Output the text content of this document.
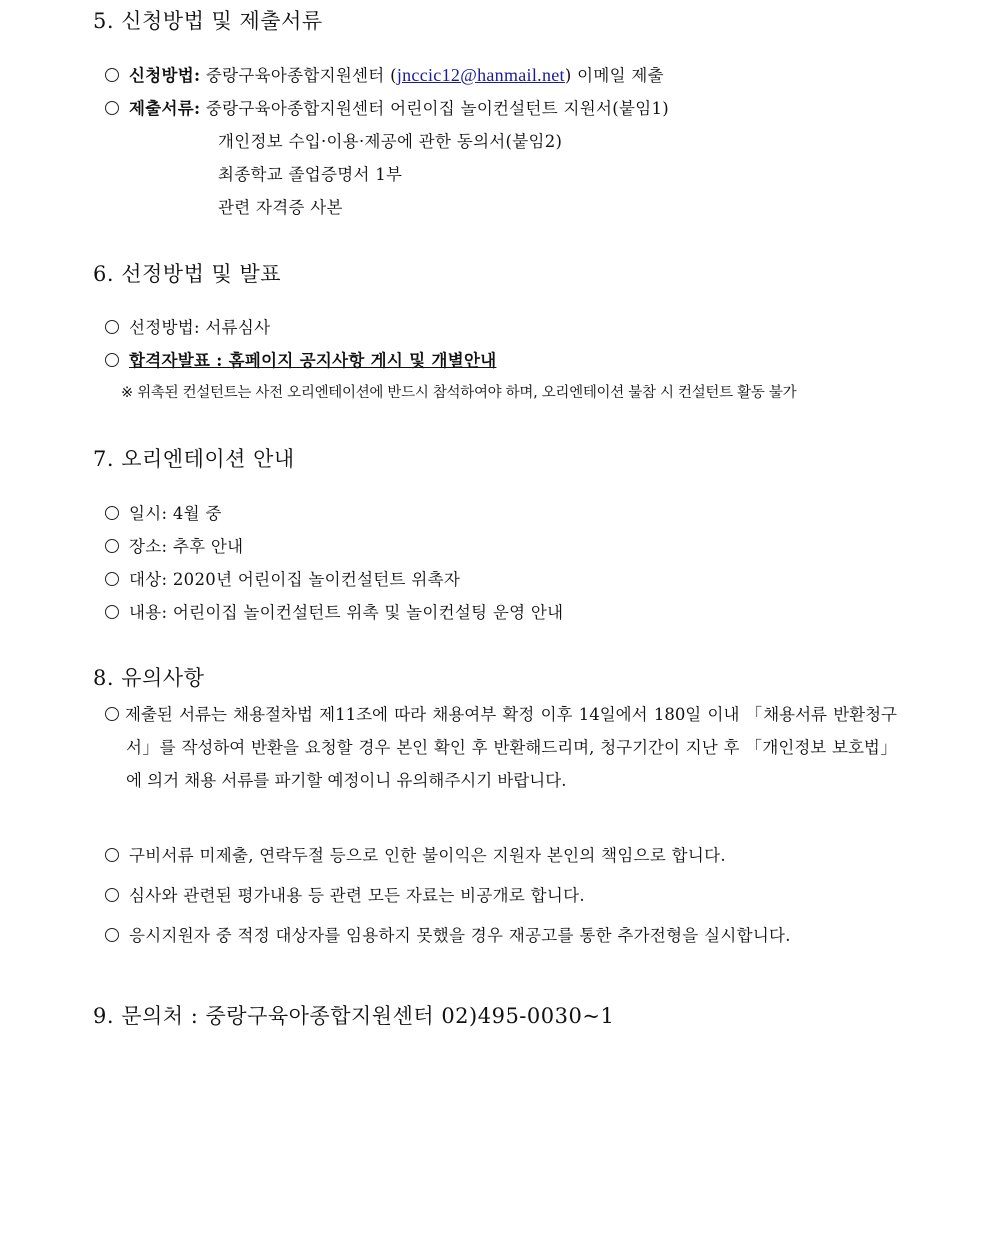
5. 신청방법 및 제출서류
신청방법: 중랑구육아종합지원센터 (jnccic12@hanmail.net) 이메일 제출
제출서류: 중랑구육아종합지원센터 어린이집 놀이컨설턴트 지원서(붙임1)
개인정보 수입·이용·제공에 관한 동의서(붙임2)
최종학교 졸업증명서 1부
관련 자격증 사본
6. 선정방법 및 발표
선정방법: 서류심사
합격자발표 : 홈페이지 공지사항 게시 및 개별안내
※ 위촉된 컨설턴트는 사전 오리엔테이션에 반드시 참석하여야 하며, 오리엔테이션 불참 시 컨설턴트 활동 불가
7. 오리엔테이션 안내
일시: 4월 중
장소: 추후 안내
대상: 2020년 어린이집 놀이컨설턴트 위촉자
내용: 어린이집 놀이컨설턴트 위촉 및 놀이컨설팅 운영 안내
8. 유의사항
제출된 서류는 채용절차법 제11조에 따라 채용여부 확정 이후 14일에서 180일 이내 「채용서류 반환청구서」를 작성하여 반환을 요청할 경우 본인 확인 후 반환해드리며, 청구기간이 지난 후 「개인정보 보호법」에 의거 채용 서류를 파기할 예정이니 유의해주시기 바랍니다.
구비서류 미제출, 연락두절 등으로 인한 불이익은 지원자 본인의 책임으로 합니다.
심사와 관련된 평가내용 등 관련 모든 자료는 비공개로 합니다.
응시지원자 중 적정 대상자를 임용하지 못했을 경우 재공고를 통한 추가전형을 실시합니다.
9. 문의처 : 중랑구육아종합지원센터 02)495-0030~1
